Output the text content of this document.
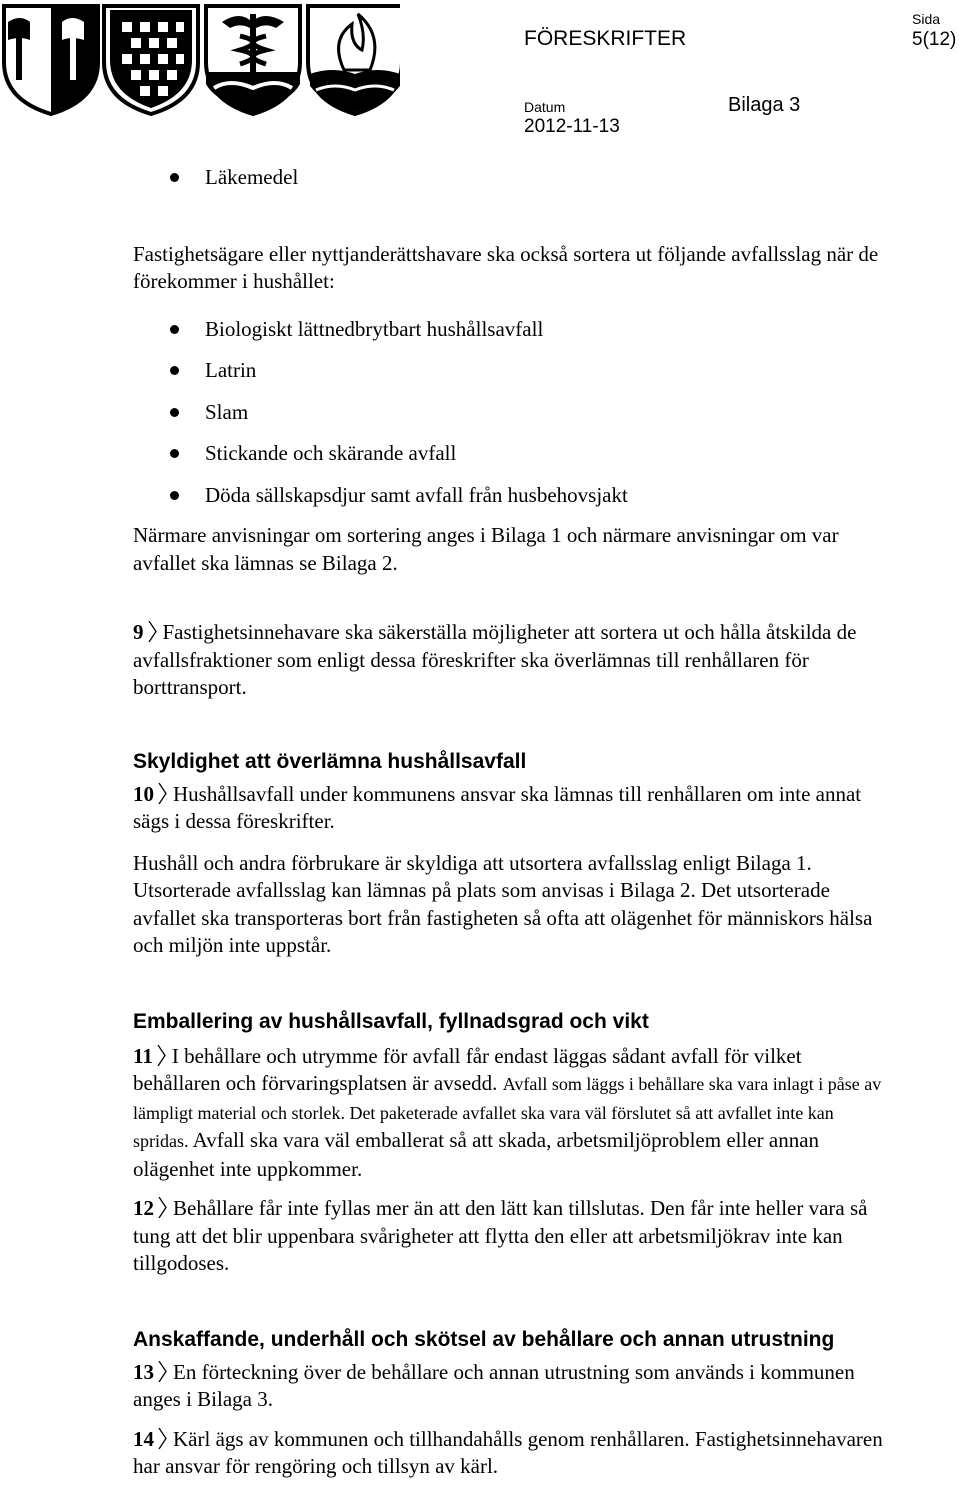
FÖRESKRIFTER
Sida
5(12)
Datum
2012-11-13
Bilaga 3
Läkemedel

Fastighetsägare eller nyttjanderättshavare ska också sortera ut följande avfallsslag när de förekommer i hushållet:

Biologiskt lättnedbrytbart hushållsavfall
Latrin
Slam
Stickande och skärande avfall
Döda sällskapsdjur samt avfall från husbehovsjakt

Närmare anvisningar om sortering anges i Bilaga 1 och närmare anvisningar om var avfallet ska lämnas se Bilaga 2.

9 Fastighetsinnehavare ska säkerställa möjligheter att sortera ut och hålla åtskilda de avfallsfraktioner som enligt dessa föreskrifter ska överlämnas till renhållaren för borttransport.

Skyldighet att överlämna hushållsavfall

10 Hushållsavfall under kommunens ansvar ska lämnas till renhållaren om inte annat sägs i dessa föreskrifter.

Hushåll och andra förbrukare är skyldiga att utsortera avfallsslag enligt Bilaga 1. Utsorterade avfallsslag kan lämnas på plats som anvisas i Bilaga 2. Det utsorterade avfallet ska transporteras bort från fastigheten så ofta att olägenhet för människors hälsa och miljön inte uppstår.

Emballering av hushållsavfall, fyllnadsgrad och vikt

11 I behållare och utrymme för avfall får endast läggas sådant avfall för vilket behållaren och förvaringsplatsen är avsedd. Avfall som läggs i behållare ska vara inlagt i påse av lämpligt material och storlek. Det paketerade avfallet ska vara väl förslutet så att avfallet inte kan spridas. Avfall ska vara väl emballerat så att skada, arbetsmiljöproblem eller annan olägenhet inte uppkommer.

12 Behållare får inte fyllas mer än att den lätt kan tillslutas. Den får inte heller vara så tung att det blir uppenbara svårigheter att flytta den eller att arbetsmiljökrav inte kan tillgodoses.

Anskaffande, underhåll och skötsel av behållare och annan utrustning

13 En förteckning över de behållare och annan utrustning som används i kommunen anges i Bilaga 3.

14 Kärl ägs av kommunen och tillhandahålls genom renhållaren. Fastighetsinnehavaren har ansvar för rengöring och tillsyn av kärl.
